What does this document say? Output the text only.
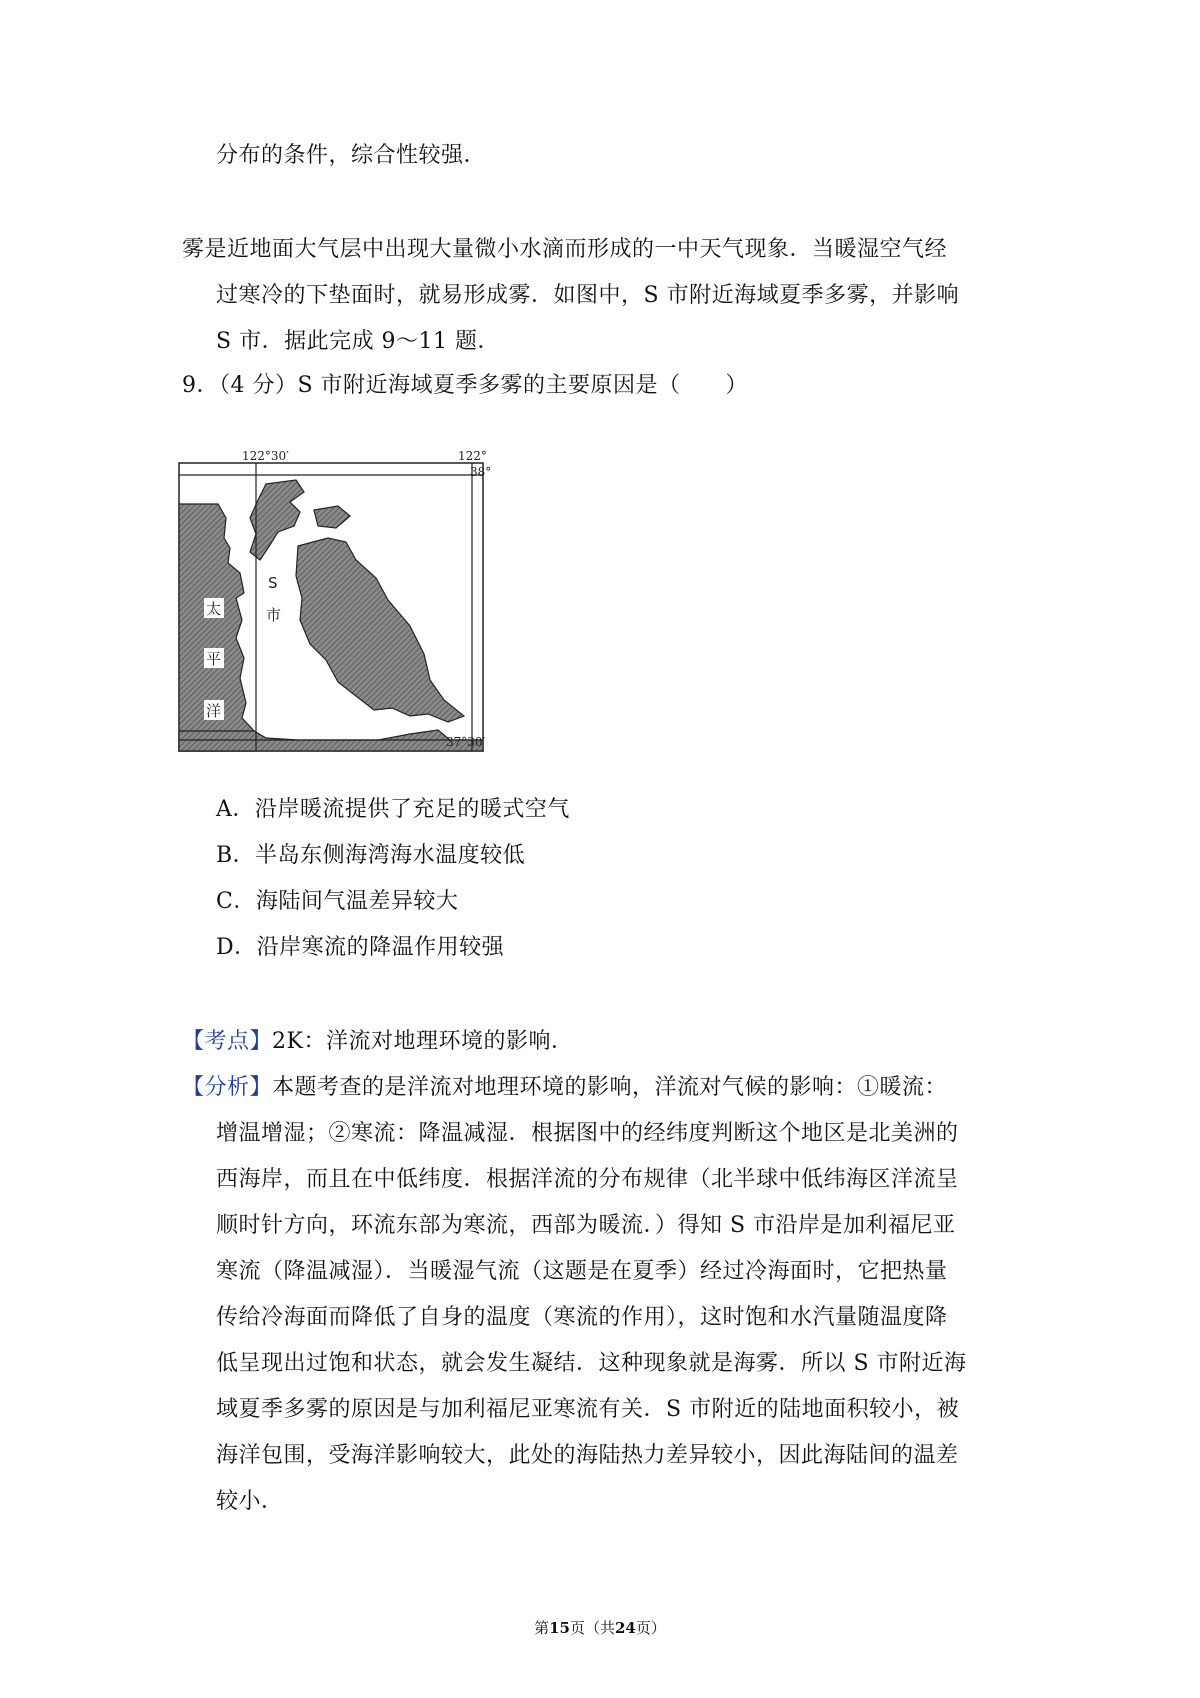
分布的条件，综合性较强．
雾是近地面大气层中出现大量微小水滴而形成的一中天气现象．当暖湿空气经
过寒冷的下垫面时，就易形成雾．如图中，S 市附近海域夏季多雾，并影响
S 市．据此完成 9～11 题．
9．（4 分）S 市附近海域夏季多雾的主要原因是（　　）
122°30′	122°
38°
37°30′
S
市
太
平
洋
A．沿岸暖流提供了充足的暖式空气
B．半岛东侧海湾海水温度较低
C．海陆间气温差异较大
D．沿岸寒流的降温作用较强
【考点】2K：洋流对地理环境的影响．
【分析】本题考查的是洋流对地理环境的影响，洋流对气候的影响：①暖流：
增温增湿；②寒流：降温减湿．根据图中的经纬度判断这个地区是北美洲的
西海岸，而且在中低纬度．根据洋流的分布规律（北半球中低纬海区洋流呈
顺时针方向，环流东部为寒流，西部为暖流．）得知 S 市沿岸是加利福尼亚
寒流（降温减湿）．当暖湿气流（这题是在夏季）经过冷海面时，它把热量
传给冷海面而降低了自身的温度（寒流的作用），这时饱和水汽量随温度降
低呈现出过饱和状态，就会发生凝结．这种现象就是海雾．所以 S 市附近海
域夏季多雾的原因是与加利福尼亚寒流有关．S 市附近的陆地面积较小，被
海洋包围，受海洋影响较大，此处的海陆热力差异较小，因此海陆间的温差
较小．
第15页（共24页）
